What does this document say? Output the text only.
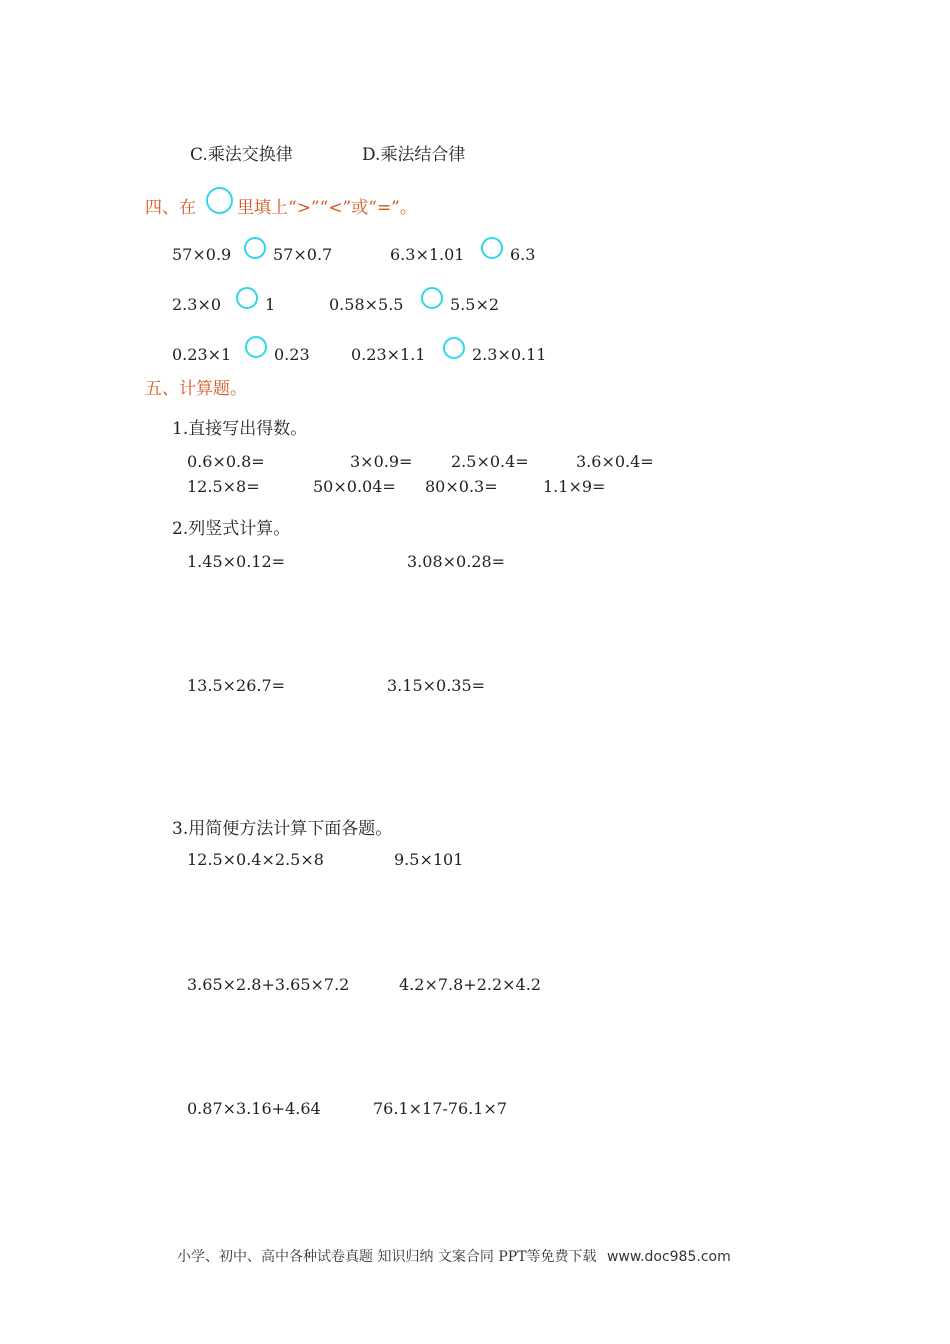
C.乘法交换律	D.乘法结合律
四、在 里填上“>”“<”或“=”。
57×0.9	57×0.7	6.3×1.01	6.3
2.3×0	1	0.58×5.5	5.5×2
0.23×1	0.23	0.23×1.1	2.3×0.11
五、计算题。
1.直接写出得数。
0.6×0.8=	3×0.9= 2.5×0.4=	3.6×0.4=
12.5×8=	50×0.04= 80×0.3=	1.1×9=
2.列竖式计算。
1.45×0.12=	3.08×0.28=
13.5×26.7=	3.15×0.35=
3.用简便方法计算下面各题。
12.5×0.4×2.5×8	9.5×101
3.65×2.8+3.65×7.2	4.2×7.8+2.2×4.2
0.87×3.16+4.64	76.1×17-76.1×7
小学、初中、高中各种试卷真题 知识归纳 文案合同 PPT等免费下载 www.doc985.com
